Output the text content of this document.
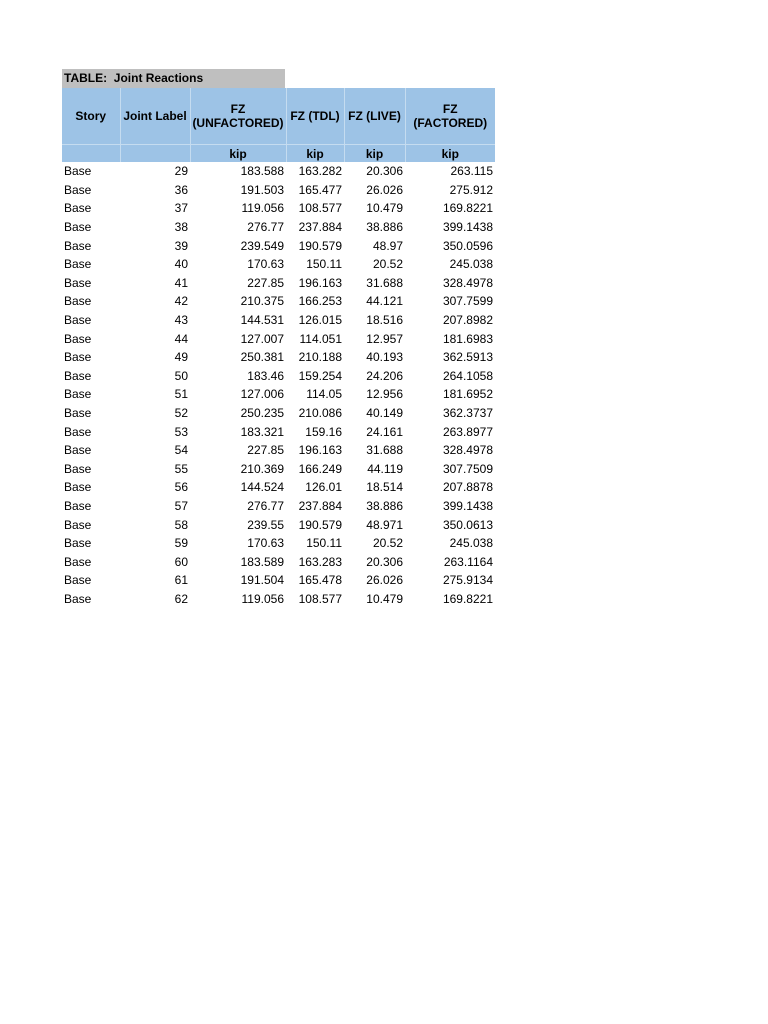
TABLE:  Joint Reactions
Story	Joint Label	FZ (UNFACTORED)	FZ (TDL)	FZ (LIVE)	FZ (FACTORED)
		kip	kip	kip	kip
Base	29	183.588	163.282	20.306	263.115
Base	36	191.503	165.477	26.026	275.912
Base	37	119.056	108.577	10.479	169.8221
Base	38	276.77	237.884	38.886	399.1438
Base	39	239.549	190.579	48.97	350.0596
Base	40	170.63	150.11	20.52	245.038
Base	41	227.85	196.163	31.688	328.4978
Base	42	210.375	166.253	44.121	307.7599
Base	43	144.531	126.015	18.516	207.8982
Base	44	127.007	114.051	12.957	181.6983
Base	49	250.381	210.188	40.193	362.5913
Base	50	183.46	159.254	24.206	264.1058
Base	51	127.006	114.05	12.956	181.6952
Base	52	250.235	210.086	40.149	362.3737
Base	53	183.321	159.16	24.161	263.8977
Base	54	227.85	196.163	31.688	328.4978
Base	55	210.369	166.249	44.119	307.7509
Base	56	144.524	126.01	18.514	207.8878
Base	57	276.77	237.884	38.886	399.1438
Base	58	239.55	190.579	48.971	350.0613
Base	59	170.63	150.11	20.52	245.038
Base	60	183.589	163.283	20.306	263.1164
Base	61	191.504	165.478	26.026	275.9134
Base	62	119.056	108.577	10.479	169.8221
